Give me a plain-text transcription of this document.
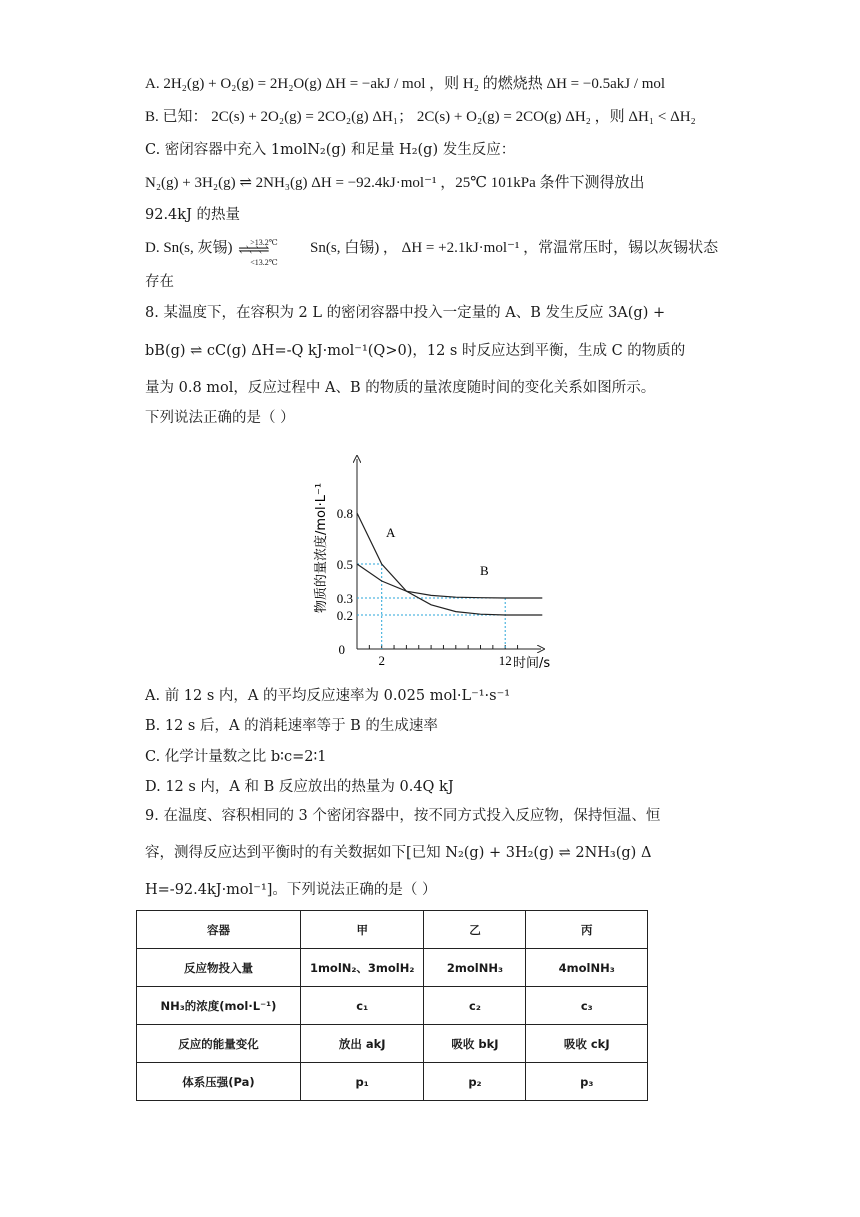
A. 2H₂(g) + O₂(g) = 2H₂O(g) ΔH = −akJ / mol ，则 H₂ 的燃烧热 ΔH = −0.5akJ / mol
B. 已知： 2C(s) + 2O₂(g) = 2CO₂(g) ΔH₁； 2C(s) + O₂(g) = 2CO(g) ΔH₂ ，则 ΔH₁ < ΔH₂
C. 密闭容器中充入 1molN₂(g) 和足量 H₂(g) 发生反应：
N₂(g) + 3H₂(g) ⇌ 2NH₃(g) ΔH = −92.4kJ·mol⁻¹ ，25℃ 101kPa 条件下测得放出
92.4kJ 的热量
D. Sn(s, 灰锡) >13.2℃
⇌⇌⇌
<13.2℃
Sn(s, 白锡) ， ΔH = +2.1kJ·mol⁻¹ ，常温常压时，锡以灰锡状态
存在
8. 某温度下，在容积为 2 L 的密闭容器中投入一定量的 A、B 发生反应 3A(g) +
bB(g) ⇌ cC(g) ΔH=-Q kJ·mol⁻¹(Q>0)，12 s 时反应达到平衡，生成 C 的物质的
量为 0.8 mol，反应过程中 A、B 的物质的量浓度随时间的变化关系如图所示。
下列说法正确的是（ ）
0.8
0.5
0.3
0.2
0
2	12 时间/s
物质的量浓度/mol·L⁻¹	A
B
A. 前 12 s 内，A 的平均反应速率为 0.025 mol·L⁻¹·s⁻¹
B. 12 s 后，A 的消耗速率等于 B 的生成速率
C. 化学计量数之比 b∶c=2∶1
D. 12 s 内，A 和 B 反应放出的热量为 0.4Q kJ
9. 在温度、容积相同的 3 个密闭容器中，按不同方式投入反应物，保持恒温、恒
容，测得反应达到平衡时的有关数据如下[已知 N₂(g) + 3H₂(g) ⇌ 2NH₃(g) Δ
H=-92.4kJ·mol⁻¹]。下列说法正确的是（ ）
容器	甲	乙	丙
反应物投入量	1molN₂、3molH₂	2molNH₃	4molNH₃
NH₃的浓度(mol·L⁻¹)	c₁	c₂	c₃
反应的能量变化	放出 akJ	吸收 bkJ	吸收 ckJ
体系压强(Pa)	p₁	p₂	p₃
